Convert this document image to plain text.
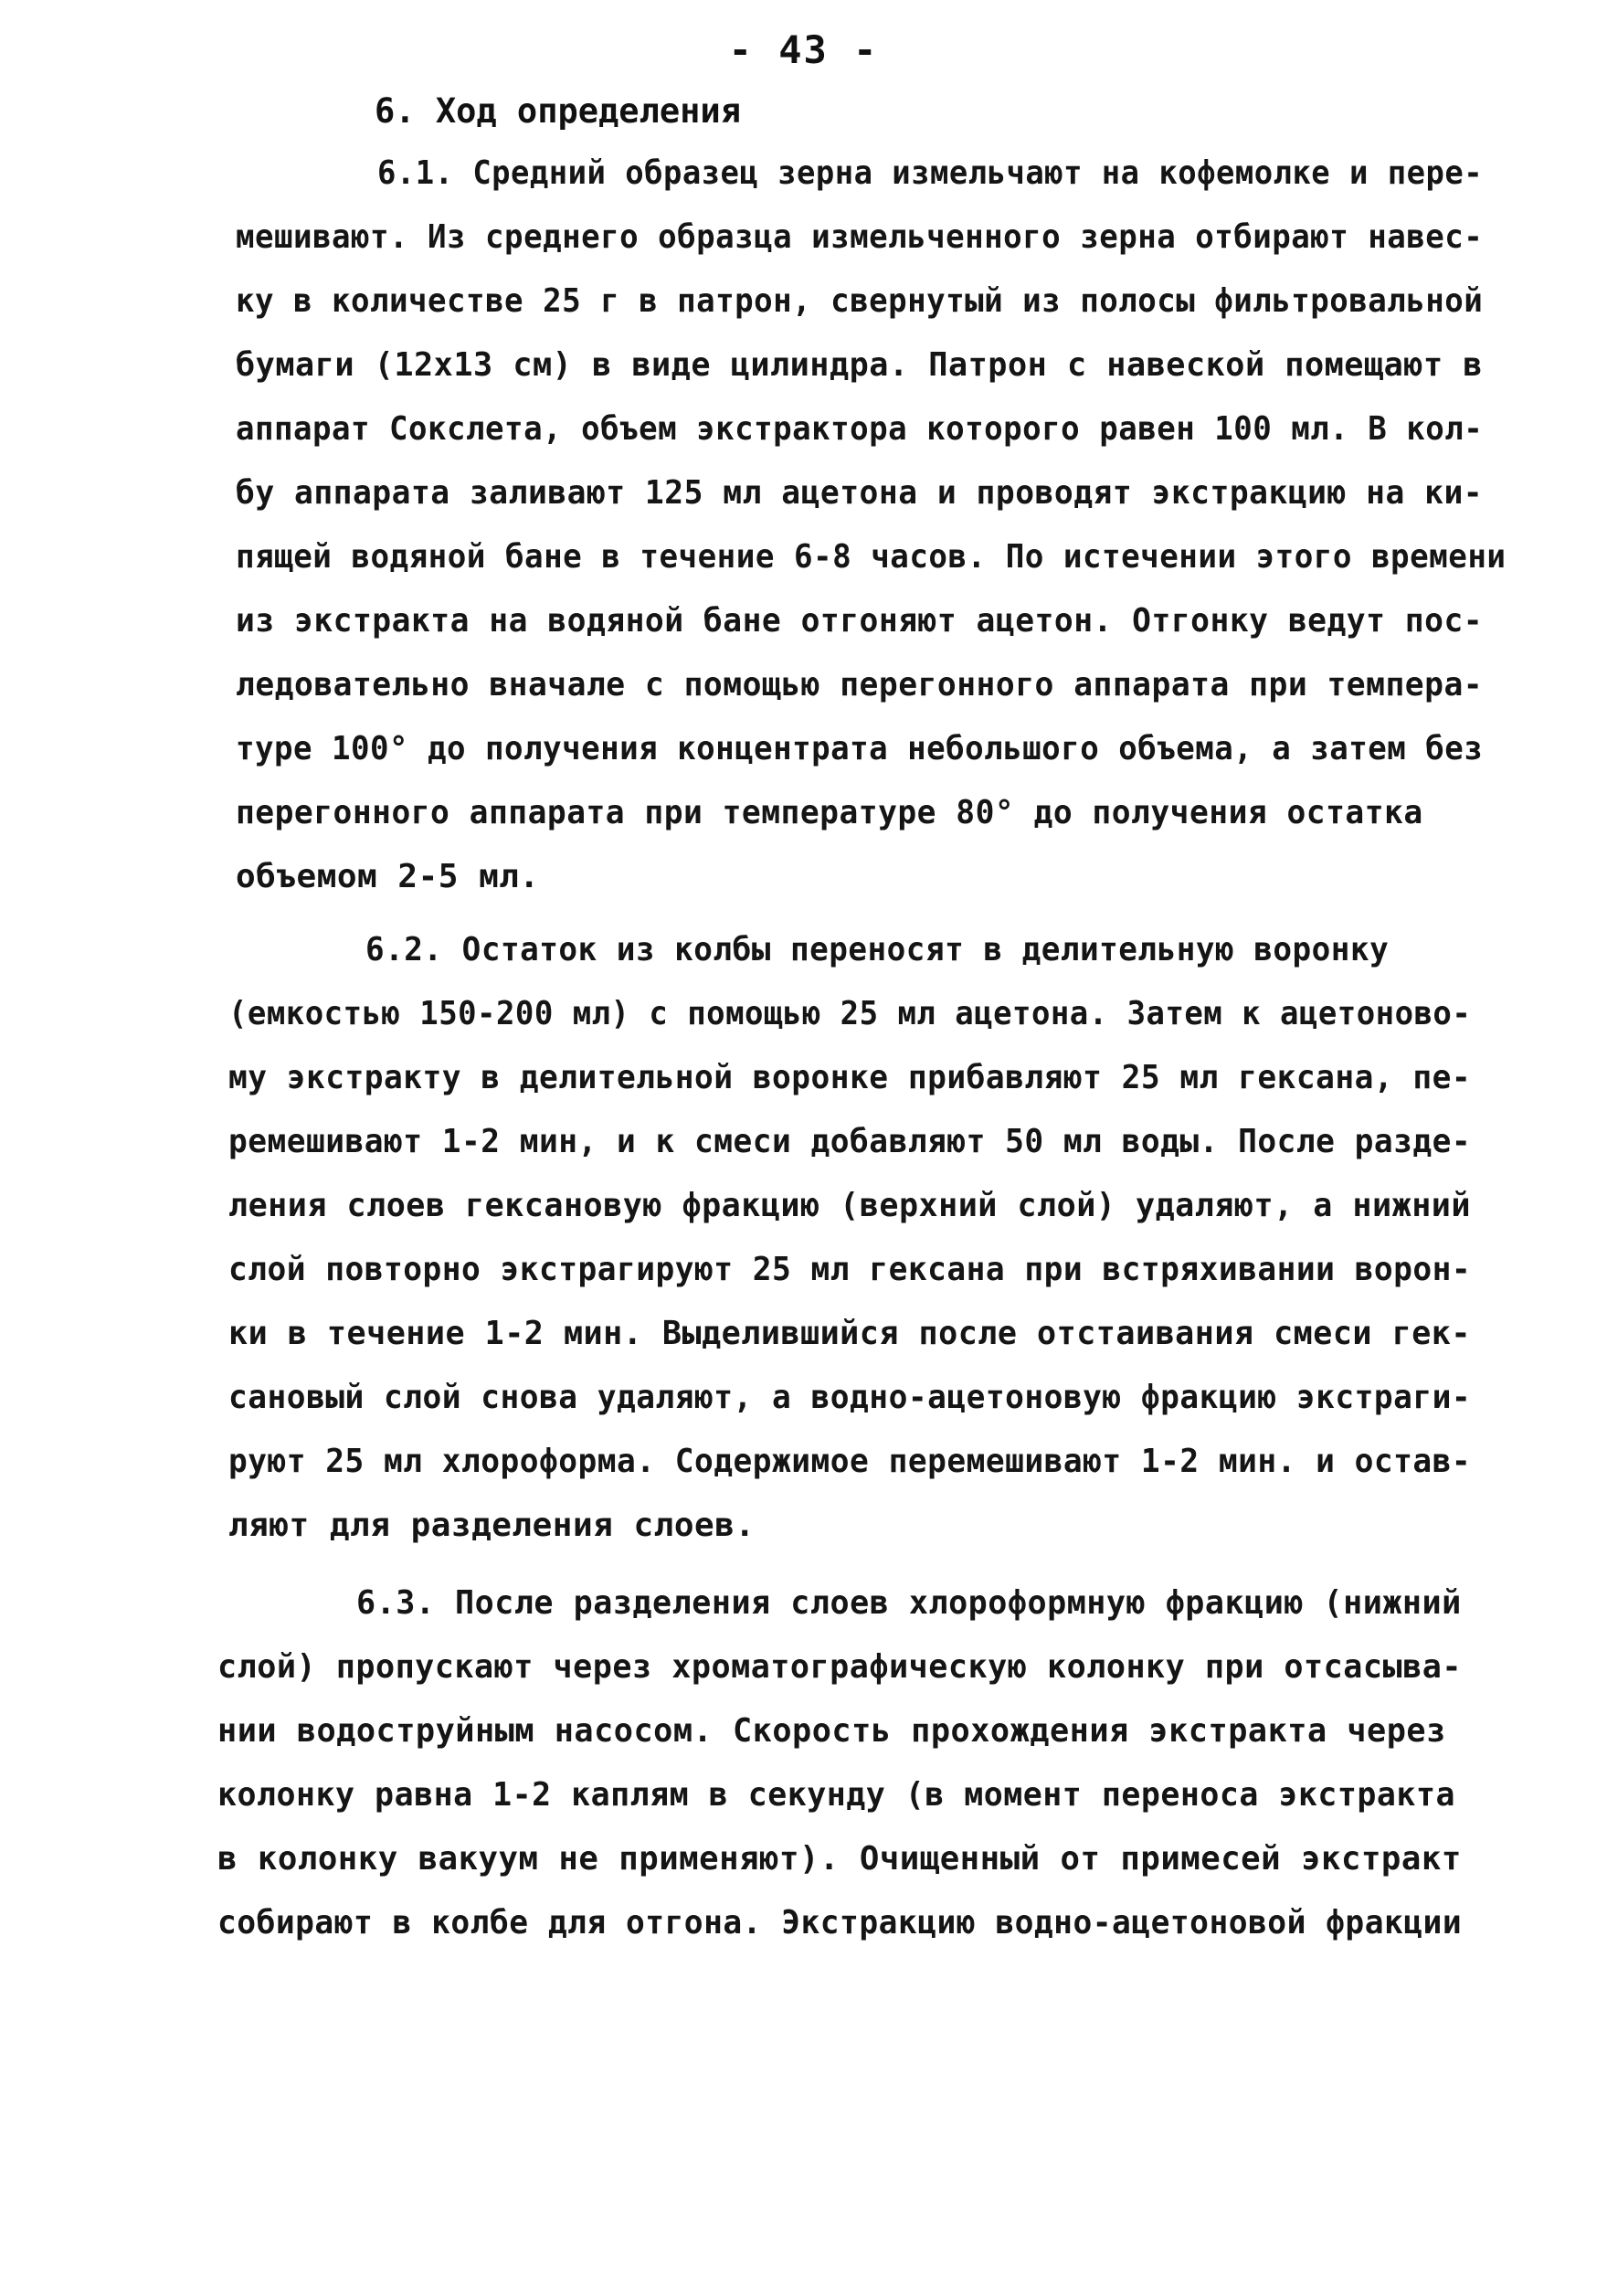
- 43 -
6. Ход определения
6.1. Средний образец зерна измельчают на кофемолке и пере-
мешивают. Из среднего образца измельченного зерна отбирают навес-
ку в количестве 25 г в патрон, свернутый из полосы фильтровальной
бумаги (12x13 см) в виде цилиндра. Патрон с навеской помещают в
аппарат Сокслета, объем экстрактора которого равен 100 мл. В кол-
бу аппарата заливают 125 мл ацетона и проводят экстракцию на ки-
пящей водяной бане в течение 6-8 часов. По истечении этого времени
из экстракта на водяной бане отгоняют ацетон. Отгонку ведут пос-
ледовательно вначале с помощью перегонного аппарата при темпера-
туре 100° до получения концентрата небольшого объема, а затем без
перегонного аппарата при температуре 80° до получения остатка
объемом 2-5 мл.
6.2. Остаток из колбы переносят в делительную воронку
(емкостью 150-200 мл) с помощью 25 мл ацетона. Затем к ацетоново-
му экстракту в делительной воронке прибавляют 25 мл гексана, пе-
ремешивают 1-2 мин, и к смеси добавляют 50 мл воды. После разде-
ления слоев гексановую фракцию (верхний слой) удаляют, а нижний
слой повторно экстрагируют 25 мл гексана при встряхивании ворон-
ки в течение 1-2 мин. Выделившийся после отстаивания смеси гек-
сановый слой снова удаляют, а водно-ацетоновую фракцию экстраги-
руют 25 мл хлороформа. Содержимое перемешивают 1-2 мин. и остав-
ляют для разделения слоев.
6.3. После разделения слоев хлороформную фракцию (нижний
слой) пропускают через хроматографическую колонку при отсасыва-
нии водоструйным насосом. Скорость прохождения экстракта через
колонку равна 1-2 каплям в секунду (в момент переноса экстракта
в колонку вакуум не применяют). Очищенный от примесей экстракт
собирают в колбе для отгона. Экстракцию водно-ацетоновой фракции
